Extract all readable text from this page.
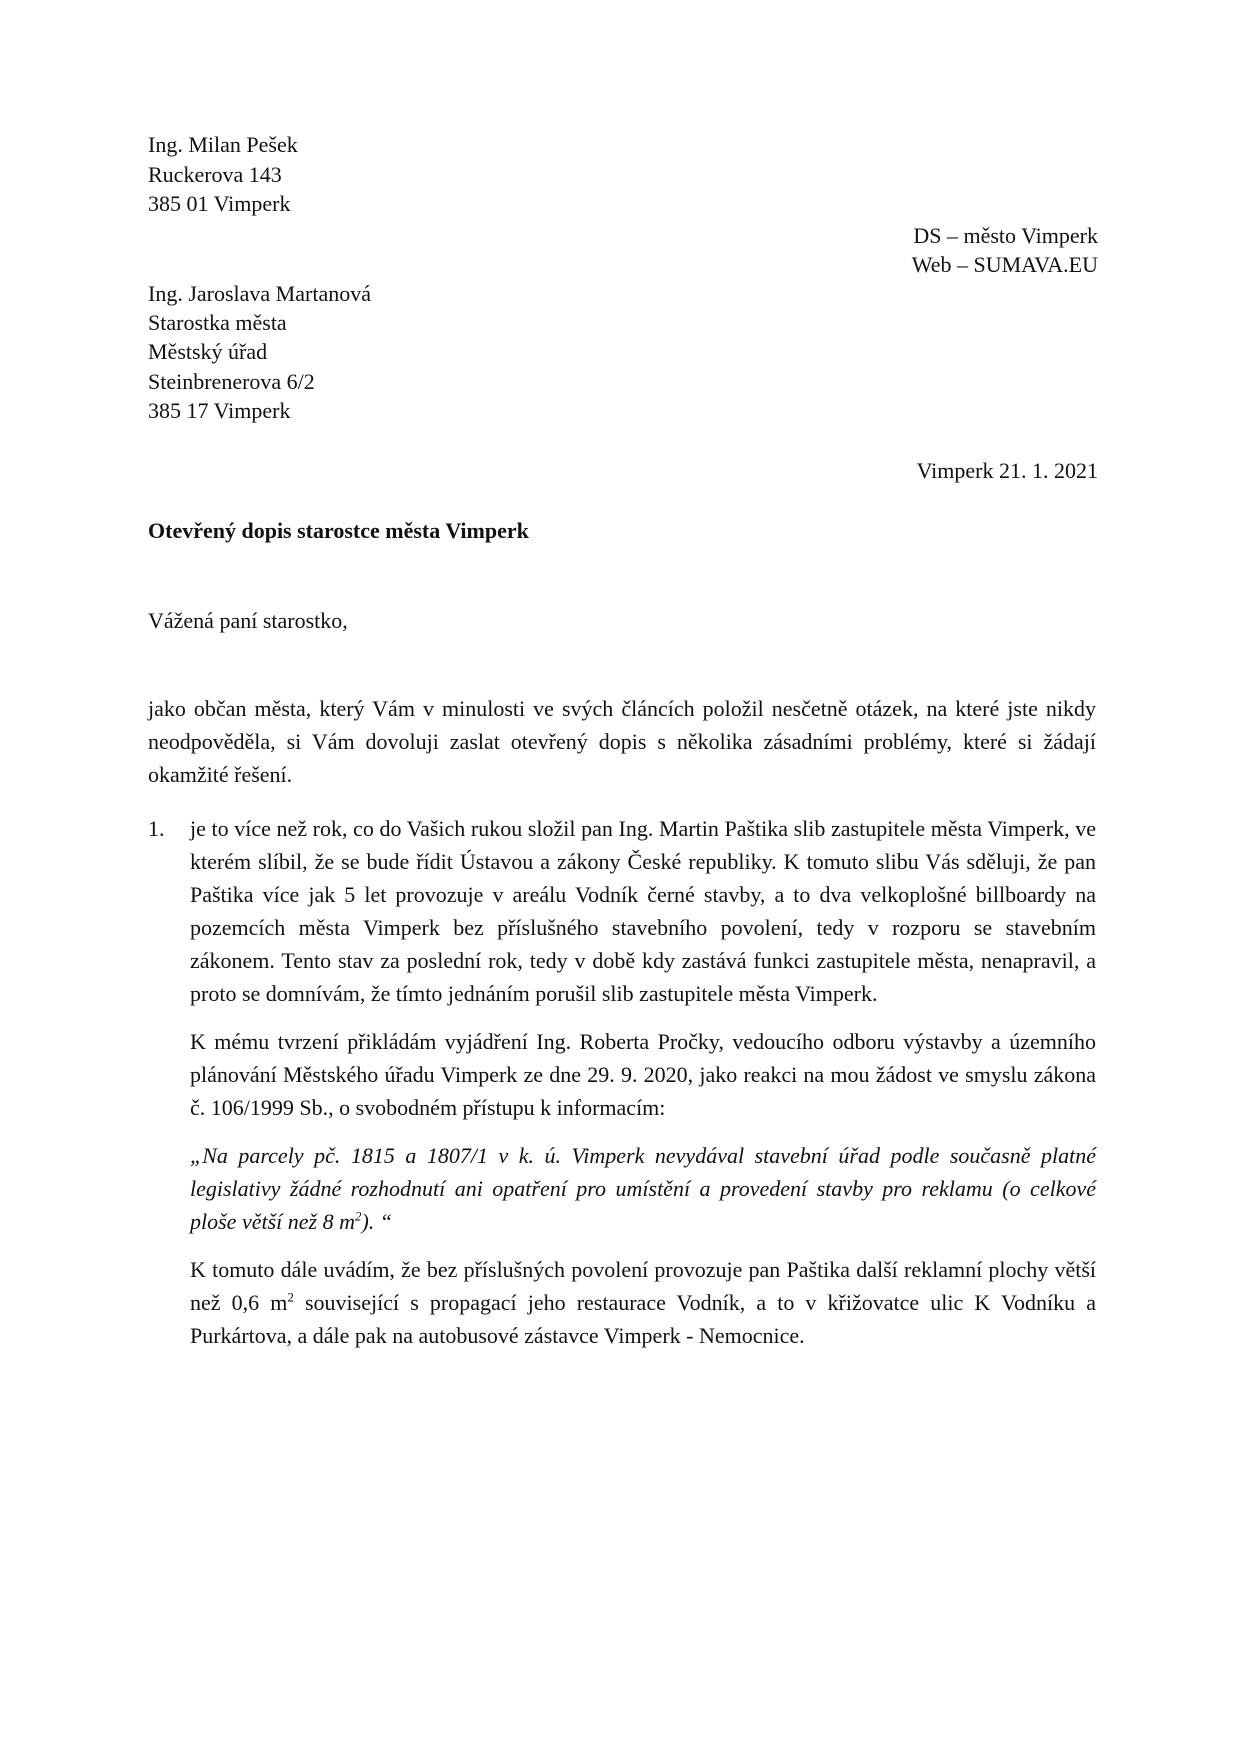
Ing. Milan Pešek
Ruckerova 143
385 01 Vimperk
DS – město Vimperk
Web – SUMAVA.EU
Ing. Jaroslava Martanová
Starostka města
Městský úřad
Steinbrenerova 6/2
385 17 Vimperk
Vimperk 21. 1. 2021
Otevřený dopis starostce města Vimperk
Vážená paní starostko,
jako občan města, který Vám v minulosti ve svých článcích položil nesčetně otázek, na které jste nikdy neodpověděla, si Vám dovoluji zaslat otevřený dopis s několika zásadními problémy, které si žádají okamžité řešení.
1. je to více než rok, co do Vašich rukou složil pan Ing. Martin Paštika slib zastupitele města Vimperk, ve kterém slíbil, že se bude řídit Ústavou a zákony České republiky. K tomuto slibu Vás sděluji, že pan Paštika více jak 5 let provozuje v areálu Vodník černé stavby, a to dva velkoplošné billboardy na pozemcích města Vimperk bez příslušného stavebního povolení, tedy v rozporu se stavebním zákonem. Tento stav za poslední rok, tedy v době kdy zastává funkci zastupitele města, nenapravil, a proto se domnívám, že tímto jednáním porušil slib zastupitele města Vimperk.

K mému tvrzení přikládám vyjádření Ing. Roberta Pročky, vedoucího odboru výstavby a územního plánování Městského úřadu Vimperk ze dne 29. 9. 2020, jako reakci na mou žádost ve smyslu zákona č. 106/1999 Sb., o svobodném přístupu k informacím:

„Na parcely pč. 1815 a 1807/1 v k. ú. Vimperk nevydával stavební úřad podle současně platné legislativy žádné rozhodnutí ani opatření pro umístění a provedení stavby pro reklamu (o celkové ploše větší než 8 $m^2$). “

K tomuto dále uvádím, že bez příslušných povolení provozuje pan Paštika další reklamní plochy větší než 0,6 $m^2$ související s propagací jeho restaurace Vodník, a to v křižovatce ulic K Vodníku a Purkártova, a dále pak na autobusové zástavce Vimperk - Nemocnice.
